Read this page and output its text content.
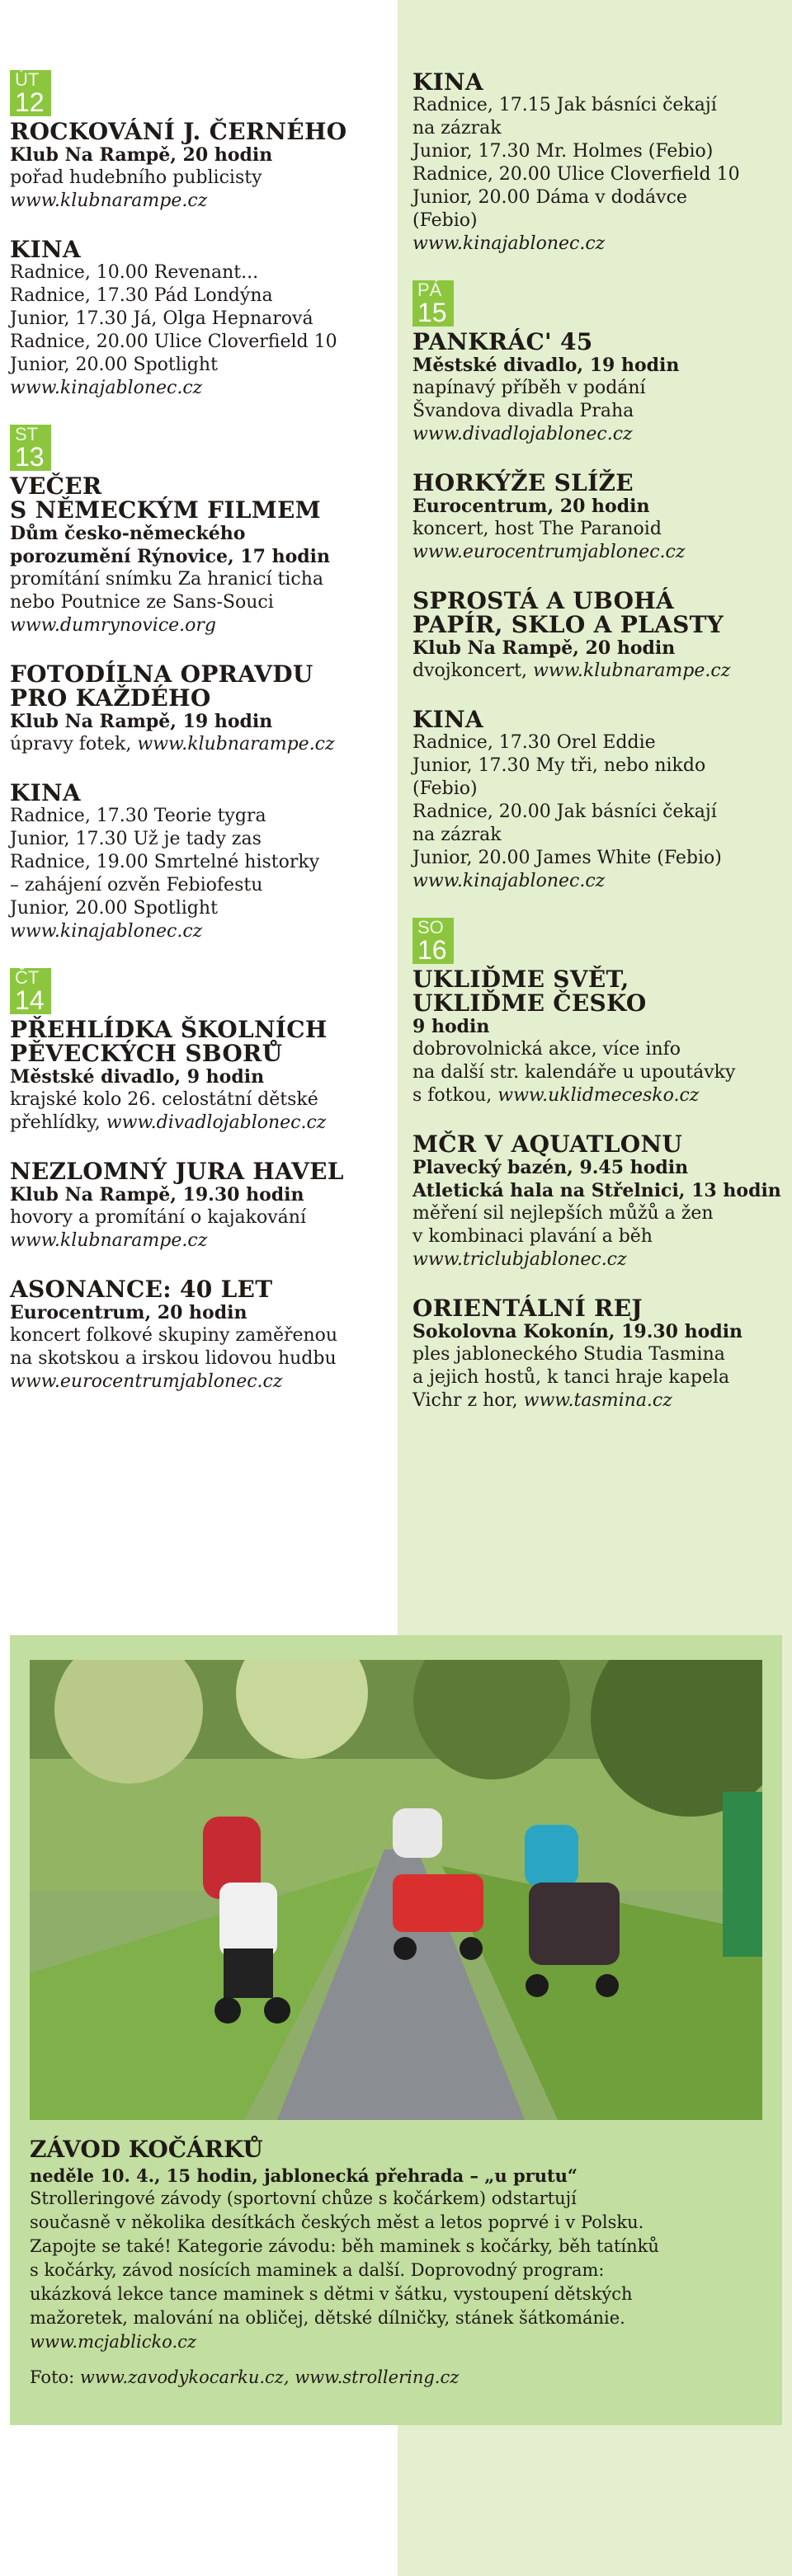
ÚT
12
ROCKOVÁNÍ J. ČERNÉHO
Klub Na Rampě, 20 hodin
pořad hudebního publicisty
www.klubnarampe.cz
KINA
Radnice, 10.00 Revenant...
Radnice, 17.30 Pád Londýna
Junior, 17.30 Já, Olga Hepnarová
Radnice, 20.00 Ulice Cloverfield 10
Junior, 20.00 Spotlight
www.kinajablonec.cz
ST
13
VEČER
S NĚMECKÝM FILMEM
Dům česko-německého
porozumění Rýnovice, 17 hodin
promítání snímku Za hranicí ticha
nebo Poutnice ze Sans-Souci
www.dumrynovice.org
FOTODÍLNA OPRAVDU
PRO KAŽDÉHO
Klub Na Rampě, 19 hodin
úpravy fotek, www.klubnarampe.cz
KINA
Radnice, 17.30 Teorie tygra
Junior, 17.30 Už je tady zas
Radnice, 19.00 Smrtelné historky
– zahájení ozvěn Febiofestu
Junior, 20.00 Spotlight
www.kinajablonec.cz
ČT
14
PŘEHLÍDKA ŠKOLNÍCH
PĚVECKÝCH SBORŮ
Městské divadlo, 9 hodin
krajské kolo 26. celostátní dětské
přehlídky, www.divadlojablonec.cz
NEZLOMNÝ JURA HAVEL
Klub Na Rampě, 19.30 hodin
hovory a promítání o kajakování
www.klubnarampe.cz
ASONANCE: 40 LET
Eurocentrum, 20 hodin
koncert folkové skupiny zaměřenou
na skotskou a irskou lidovou hudbu
www.eurocentrumjablonec.cz
KINA
Radnice, 17.15 Jak básníci čekají
na zázrak
Junior, 17.30 Mr. Holmes (Febio)
Radnice, 20.00 Ulice Cloverfield 10
Junior, 20.00 Dáma v dodávce
(Febio)
www.kinajablonec.cz
PÁ
15
PANKRÁC' 45
Městské divadlo, 19 hodin
napínavý příběh v podání
Švandova divadla Praha
www.divadlojablonec.cz
HORKÝŽE SLÍŽE
Eurocentrum, 20 hodin
koncert, host The Paranoid
www.eurocentrumjablonec.cz
SPROSTÁ A UBOHÁ
PAPÍR, SKLO A PLASTY
Klub Na Rampě, 20 hodin
dvojkoncert, www.klubnarampe.cz
KINA
Radnice, 17.30 Orel Eddie
Junior, 17.30 My tři, nebo nikdo
(Febio)
Radnice, 20.00 Jak básníci čekají
na zázrak
Junior, 20.00 James White (Febio)
www.kinajablonec.cz
SO
16
UKLIĎME SVĚT,
UKLIĎME ČESKO
9 hodin
dobrovolnická akce, více info
na další str. kalendáře u upoutávky
s fotkou, www.uklidmecesko.cz
MČR V AQUATLONU
Plavecký bazén, 9.45 hodin
Atletická hala na Střelnici, 13 hodin
měření sil nejlepších můžů a žen
v kombinaci plavání a běh
www.triclubjablonec.cz
ORIENTÁLNÍ REJ
Sokolovna Kokonín, 19.30 hodin
ples jabloneckého Studia Tasmina
a jejich hostů, k tanci hraje kapela
Vichr z hor, www.tasmina.cz
ZÁVOD KOČÁRKŮ
neděle 10. 4., 15 hodin, jablonecká přehrada – „u prutu“
Strolleringové závody (sportovní chůze s kočárkem) odstartují
současně v několika desítkách českých měst a letos poprvé i v Polsku.
Zapojte se také! Kategorie závodu: běh maminek s kočárky, běh tatínků
s kočárky, závod nosících maminek a další. Doprovodný program:
ukázková lekce tance maminek s dětmi v šátku, vystoupení dětských
mažoretek, malování na obličej, dětské dílničky, stánek šátkománie.
www.mcjablicko.cz
Foto: www.zavodykocarku.cz, www.strollering.cz
